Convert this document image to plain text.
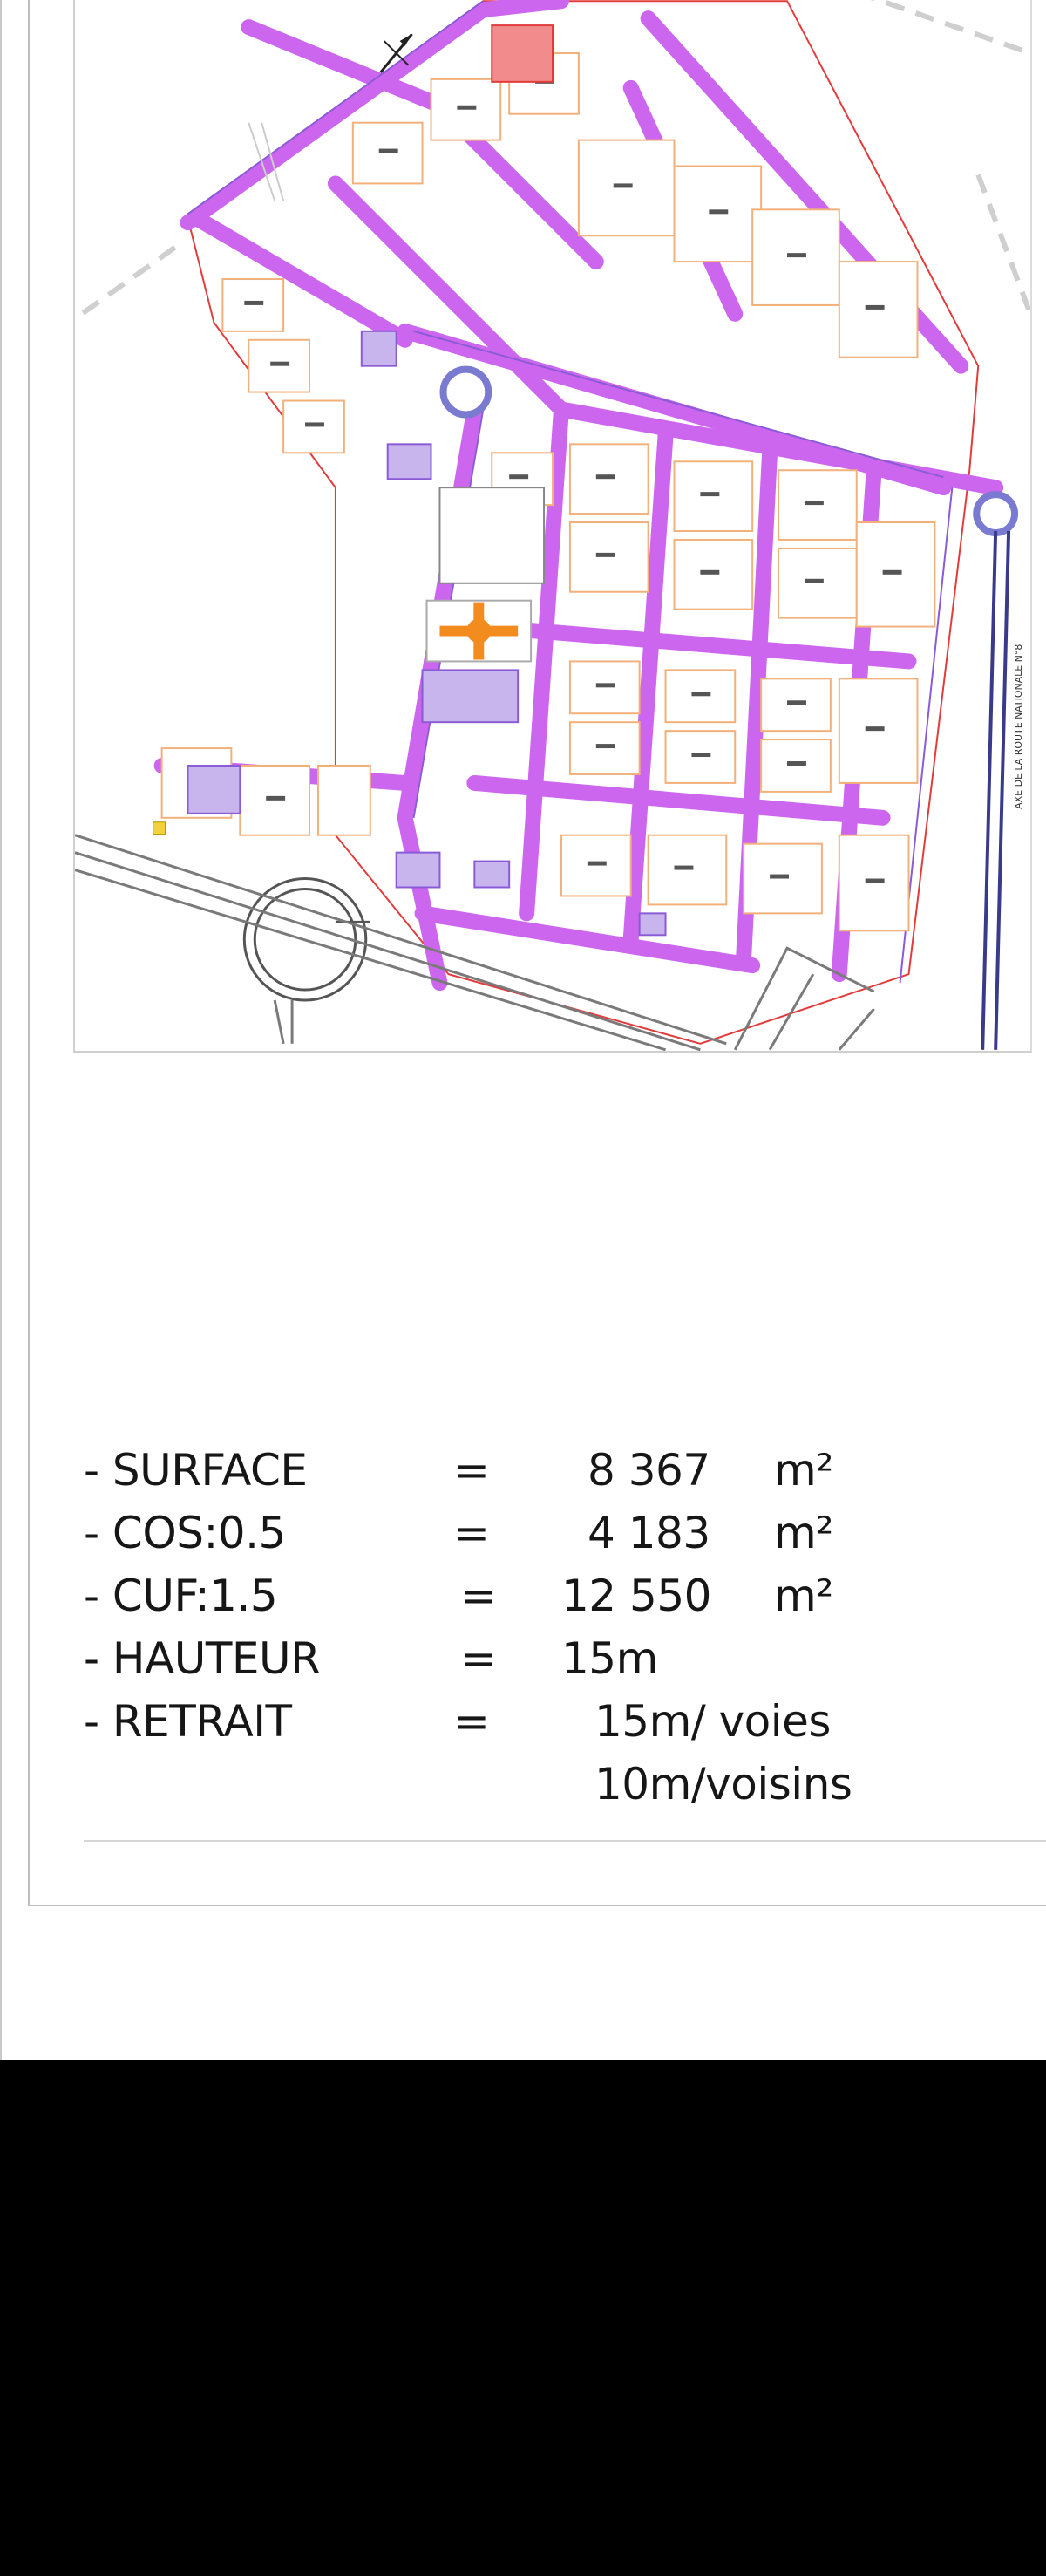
AXE DE LA ROUTE NATIONALE N°8
- SURFACE	= 8 367 m²
- COS:0.5	= 4 183 m²
- CUF:1.5	= 12 550 m²
- HAUTEUR	= 15m
- RETRAIT	= 15m/ voies
10m/voisins
